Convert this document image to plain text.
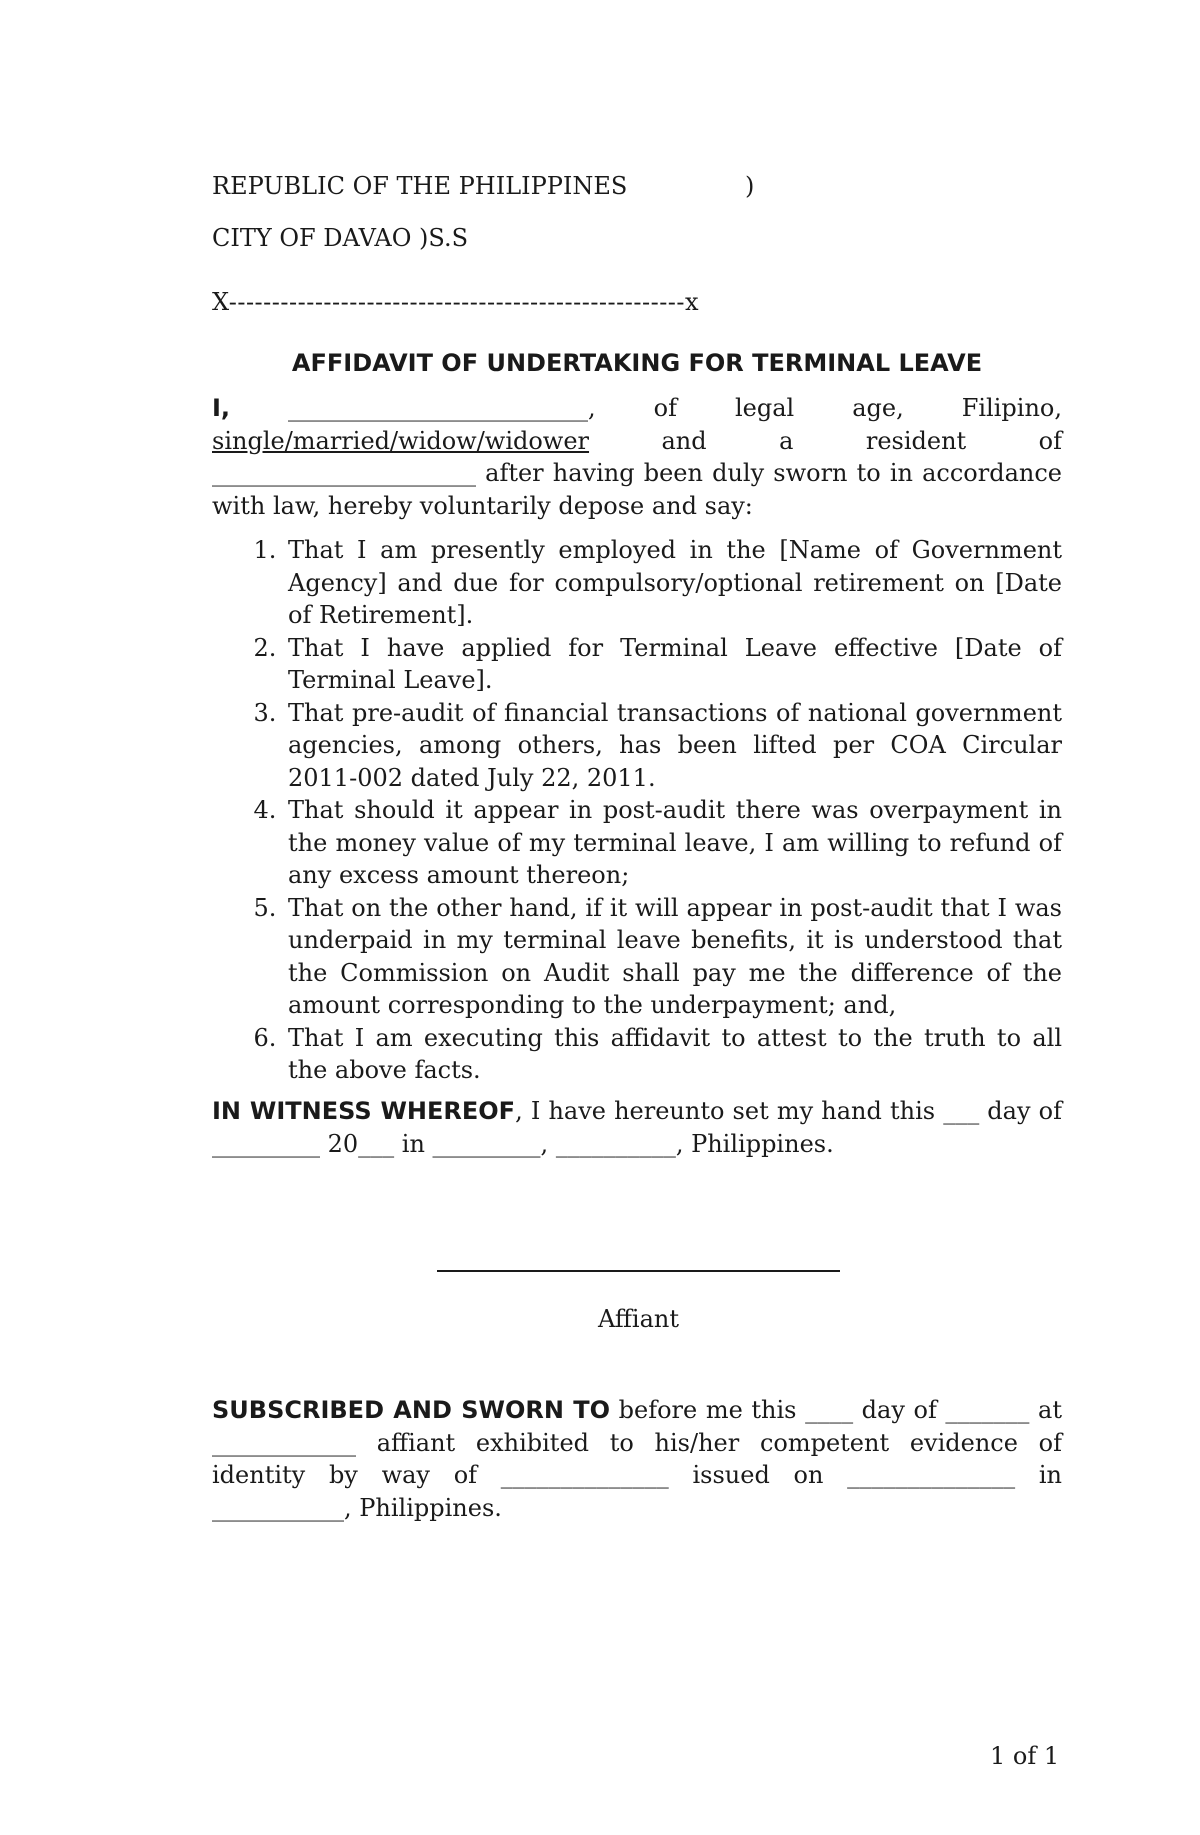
REPUBLIC OF THE PHILIPPINES	)
CITY OF DAVAO )S.S
X-----------------------------------------------------x
AFFIDAVIT OF UNDERTAKING FOR TERMINAL LEAVE

I, _________________________, of legal age, Filipino, single/married/widow/widower and a resident of ______________________ after having been duly sworn to in accordance with law, hereby voluntarily depose and say:

1. That I am presently employed in the [Name of Government Agency] and due for compulsory/optional retirement on [Date of Retirement].
2. That I have applied for Terminal Leave effective [Date of Terminal Leave].
3. That pre-audit of financial transactions of national government agencies, among others, has been lifted per COA Circular 2011-002 dated July 22, 2011.
4. That should it appear in post-audit there was overpayment in the money value of my terminal leave, I am willing to refund of any excess amount thereon;
5. That on the other hand, if it will appear in post-audit that I was underpaid in my terminal leave benefits, it is understood that the Commission on Audit shall pay me the difference of the amount corresponding to the underpayment; and,
6. That I am executing this affidavit to attest to the truth to all the above facts.

IN WITNESS WHEREOF, I have hereunto set my hand this ___ day of _________ 20___ in _________, __________, Philippines.

Affiant

SUBSCRIBED AND SWORN TO before me this ____ day of _______ at ____________ affiant exhibited to his/her competent evidence of identity by way of ______________ issued on ______________ in ___________, Philippines.

1 of 1
